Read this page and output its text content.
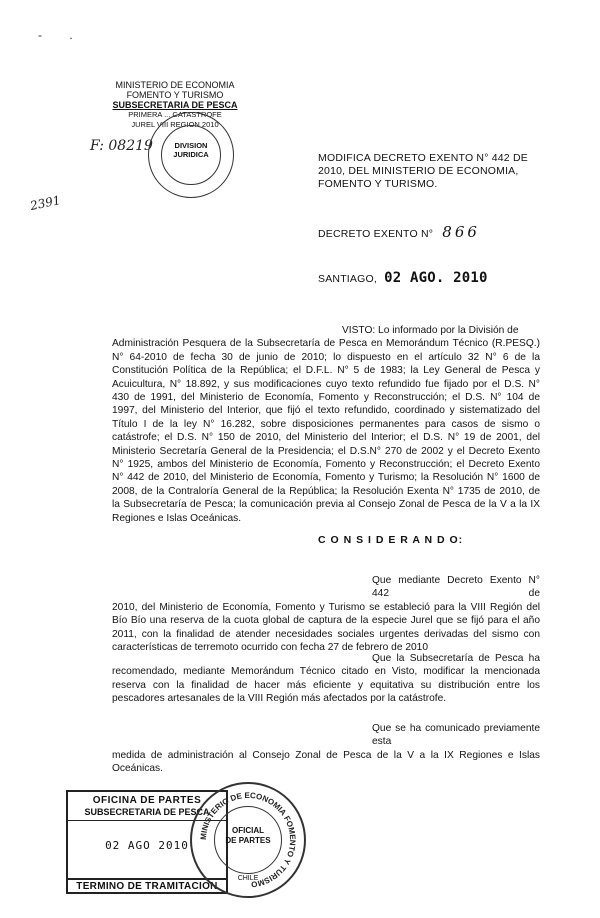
- .
MINISTERIO DE ECONOMIA
FOMENTO Y TURISMO
SUBSECRETARIA DE PESCA
PRIMERA ... CATASTROFE
JUREL VIII REGION 2010
DIVISION
JURIDICA
F: 08219
2391
MODIFICA DECRETO EXENTO N° 442 DE
2010, DEL MINISTERIO DE ECONOMIA,
FOMENTO Y TURISMO.
DECRETO EXENTO N° 866
SANTIAGO, 02 AGO. 2010
VISTO: Lo informado por la División de
Administración Pesquera de la Subsecretaría de Pesca en Memorándum Técnico (R.PESQ.)
N° 64-2010 de fecha 30 de junio de 2010; lo dispuesto en el artículo 32 N° 6 de la
Constitución Política de la República; el D.F.L. N° 5 de 1983; la Ley General de Pesca y
Acuicultura, N° 18.892, y sus modificaciones cuyo texto refundido fue fijado por el D.S. N°
430 de 1991, del Ministerio de Economía, Fomento y Reconstrucción; el D.S. N° 104 de
1997, del Ministerio del Interior, que fijó el texto refundido, coordinado y sistematizado del
Título I de la ley N° 16.282, sobre disposiciones permanentes para casos de sismo o
catástrofe; el D.S. N° 150 de 2010, del Ministerio del Interior; el D.S. N° 19 de 2001, del
Ministerio Secretaría General de la Presidencia; el D.S.N° 270 de 2002 y el Decreto Exento
N° 1925, ambos del Ministerio de Economía, Fomento y Reconstrucción; el Decreto Exento
N° 442 de 2010, del Ministerio de Economía, Fomento y Turismo; la Resolución N° 1600 de
2008, de la Contraloría General de la República; la Resolución Exenta N° 1735 de 2010, de
la Subsecretaría de Pesca; la comunicación previa al Consejo Zonal de Pesca de la V a la IX
Regiones e Islas Oceánicas.
C O N S I D E R A N D O:
Que mediante Decreto Exento N° 442 de
2010, del Ministerio de Economía, Fomento y Turismo se estableció para la VIII Región del
Bío Bío una reserva de la cuota global de captura de la especie Jurel que se fijó para el año
2011, con la finalidad de atender necesidades sociales urgentes derivadas del sismo con
características de terremoto ocurrido con fecha 27 de febrero de 2010
Que la Subsecretaría de Pesca ha
recomendado, mediante Memorándum Técnico citado en Visto, modificar la mencionada
reserva con la finalidad de hacer más eficiente y equitativa su distribución entre los
pescadores artesanales de la VIII Región más afectados por la catástrofe.
Que se ha comunicado previamente esta
medida de administración al Consejo Zonal de Pesca de la V a la IX Regiones e Islas
Oceánicas.
OFICINA DE PARTES
SUBSECRETARIA DE PESCA
02 AGO 2010
TERMINO DE TRAMITACION
MINISTERIO DE ECONOMIA FOMENTO Y TURISMO
OFICIAL
DE PARTES
CHILE
